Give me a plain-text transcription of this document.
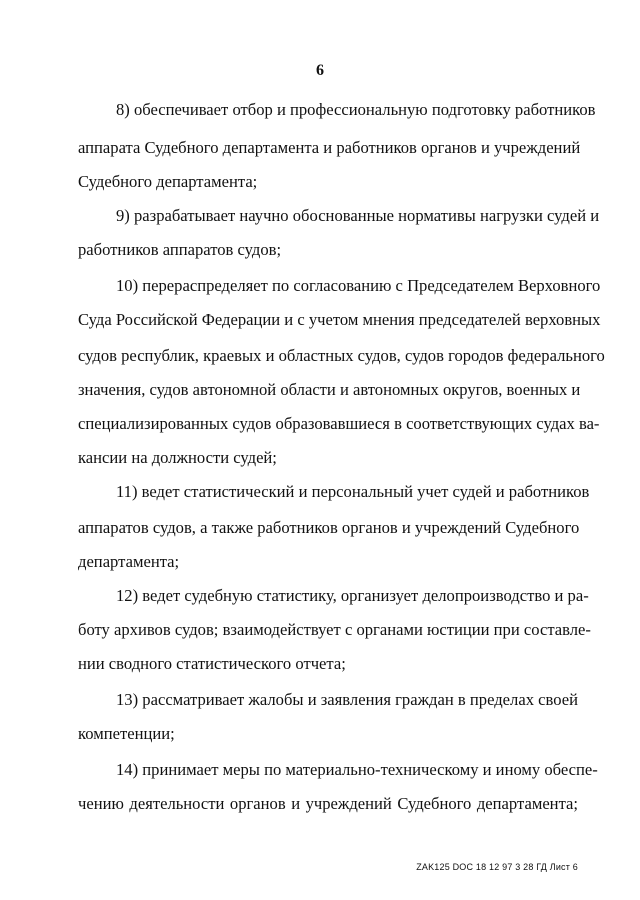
6
8) обеспечивает отбор и профессиональную подготовку работников
аппарата Судебного департамента и работников органов и учреждений
Судебного департамента;
9) разрабатывает научно обоснованные нормативы нагрузки судей и
работников аппаратов судов;
10) перераспределяет по согласованию с Председателем Верховного
Суда Российской Федерации и с учетом мнения председателей верховных
судов республик, краевых и областных судов, судов городов федерального
значения, судов автономной области и автономных округов, военных и
специализированных судов образовавшиеся в соответствующих судах ва-
кансии на должности судей;
11) ведет статистический и персональный учет судей и работников
аппаратов судов, а также работников органов и учреждений Судебного
департамента;
12) ведет судебную статистику, организует делопроизводство и ра-
боту архивов судов; взаимодействует с органами юстиции при составле-
нии сводного статистического отчета;
13) рассматривает жалобы и заявления граждан в пределах своей
компетенции;
14) принимает меры по материально-техническому и иному обеспе-
чению деятельности органов и учреждений Судебного департамента;
ZAK125 DOC 18 12 97 3 28 ГД Лист 6
